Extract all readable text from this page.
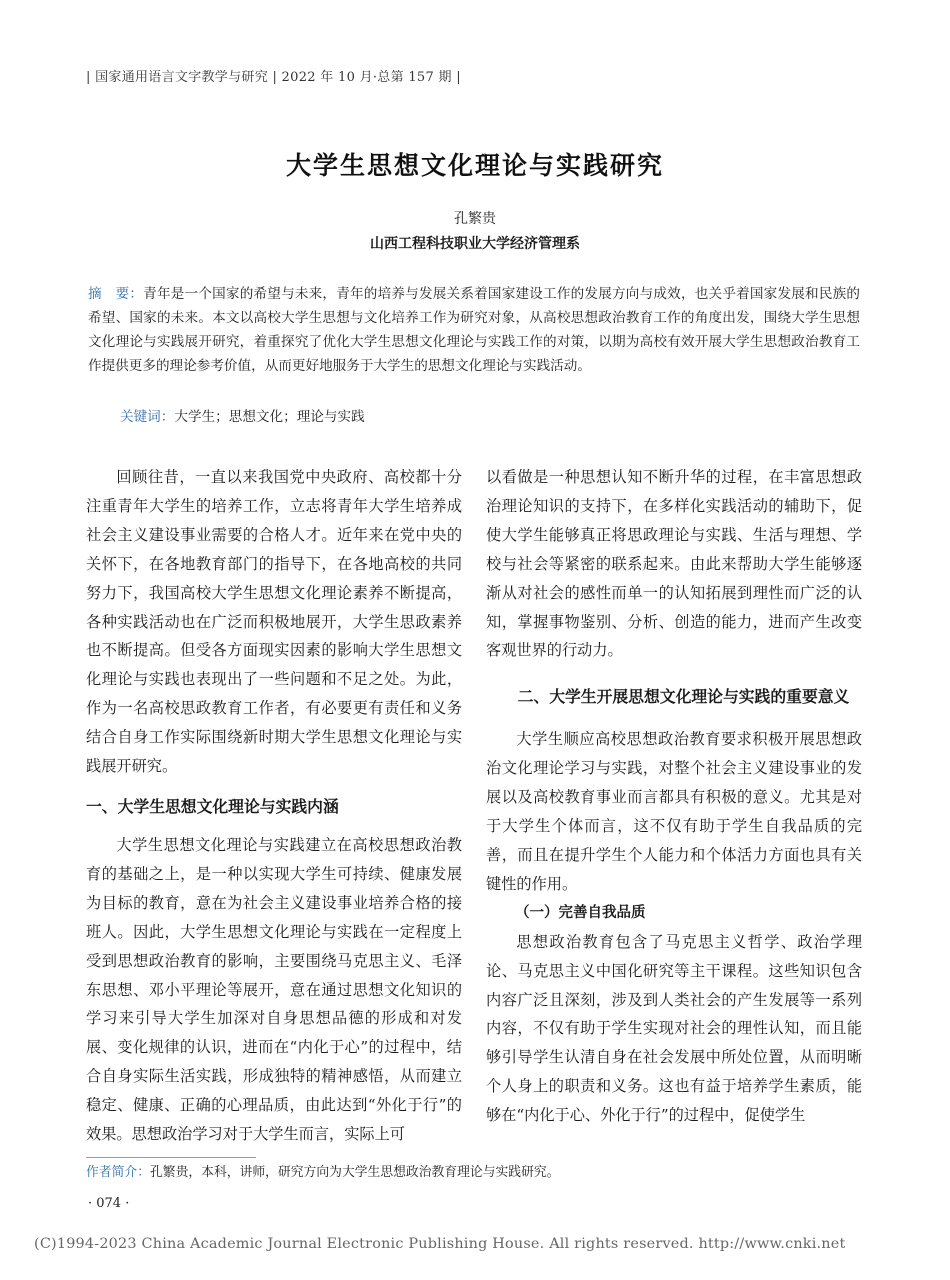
| 国家通用语言文字教学与研究 | 2022 年 10 月·总第 157 期 |
大学生思想文化理论与实践研究
孔繁贵
山西工程科技职业大学经济管理系
摘　要：青年是一个国家的希望与未来，青年的培养与发展关系着国家建设工作的发展方向与成效，也关乎着国家发展和民族的希望、国家的未来。本文以高校大学生思想与文化培养工作为研究对象，从高校思想政治教育工作的角度出发，围绕大学生思想文化理论与实践展开研究，着重探究了优化大学生思想文化理论与实践工作的对策，以期为高校有效开展大学生思想政治教育工作提供更多的理论参考价值，从而更好地服务于大学生的思想文化理论与实践活动。
关键词：大学生；思想文化；理论与实践

回顾往昔，一直以来我国党中央政府、高校都十分注重青年大学生的培养工作，立志将青年大学生培养成社会主义建设事业需要的合格人才。近年来在党中央的关怀下，在各地教育部门的指导下，在各地高校的共同努力下，我国高校大学生思想文化理论素养不断提高，各种实践活动也在广泛而积极地展开，大学生思政素养也不断提高。但受各方面现实因素的影响大学生思想文化理论与实践也表现出了一些问题和不足之处。为此，作为一名高校思政教育工作者，有必要更有责任和义务结合自身工作实际围绕新时期大学生思想文化理论与实践展开研究。

一、大学生思想文化理论与实践内涵

大学生思想文化理论与实践建立在高校思想政治教育的基础之上，是一种以实现大学生可持续、健康发展为目标的教育，意在为社会主义建设事业培养合格的接班人。因此，大学生思想文化理论与实践在一定程度上受到思想政治教育的影响，主要围绕马克思主义、毛泽东思想、邓小平理论等展开，意在通过思想文化知识的学习来引导大学生加深对自身思想品德的形成和对发展、变化规律的认识，进而在“内化于心”的过程中，结合自身实际生活实践，形成独特的精神感悟，从而建立稳定、健康、正确的心理品质，由此达到“外化于行”的效果。思想政治学习对于大学生而言，实际上可

以看做是一种思想认知不断升华的过程，在丰富思想政治理论知识的支持下，在多样化实践活动的辅助下，促使大学生能够真正将思政理论与实践、生活与理想、学校与社会等紧密的联系起来。由此来帮助大学生能够逐渐从对社会的感性而单一的认知拓展到理性而广泛的认知，掌握事物鉴别、分析、创造的能力，进而产生改变客观世界的行动力。

二、大学生开展思想文化理论与实践的重要意义

大学生顺应高校思想政治教育要求积极开展思想政治文化理论学习与实践，对整个社会主义建设事业的发展以及高校教育事业而言都具有积极的意义。尤其是对于大学生个体而言，这不仅有助于学生自我品质的完善，而且在提升学生个人能力和个体活力方面也具有关键性的作用。

（一）完善自我品质

思想政治教育包含了马克思主义哲学、政治学理论、马克思主义中国化研究等主干课程。这些知识包含内容广泛且深刻，涉及到人类社会的产生发展等一系列内容，不仅有助于学生实现对社会的理性认知，而且能够引导学生认清自身在社会发展中所处位置，从而明晰个人身上的职责和义务。这也有益于培养学生素质，能够在“内化于心、外化于行”的过程中，促使学生

作者简介：孔繁贵，本科，讲师，研究方向为大学生思想政治教育理论与实践研究。
· 074 ·
(C)1994-2023 China Academic Journal Electronic Publishing House. All rights reserved. http://www.cnki.net
